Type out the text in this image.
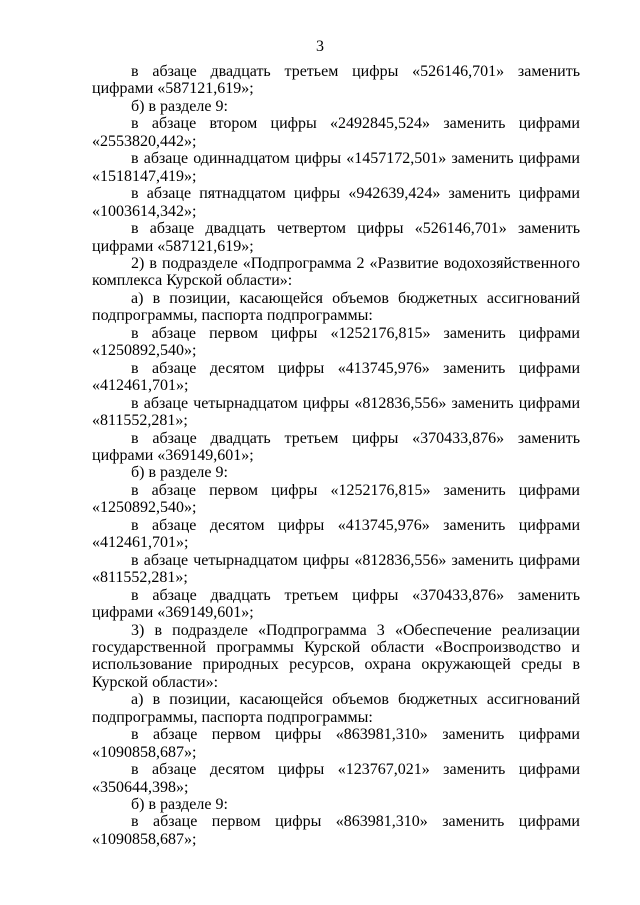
3

в абзаце двадцать третьем цифры «526146,701» заменить цифрами «587121,619»;

б) в разделе 9:

в абзаце втором цифры «2492845,524» заменить цифрами «2553820,442»;

в абзаце одиннадцатом цифры «1457172,501» заменить цифрами «1518147,419»;

в абзаце пятнадцатом цифры «942639,424» заменить цифрами «1003614,342»;

в абзаце двадцать четвертом цифры «526146,701» заменить цифрами «587121,619»;

2) в подразделе «Подпрограмма 2 «Развитие водохозяйственного комплекса Курской области»:

а) в позиции, касающейся объемов бюджетных ассигнований подпрограммы, паспорта подпрограммы:

в абзаце первом цифры «1252176,815» заменить цифрами «1250892,540»;

в абзаце десятом цифры «413745,976» заменить цифрами «412461,701»;

в абзаце четырнадцатом цифры «812836,556» заменить цифрами «811552,281»;

в абзаце двадцать третьем цифры «370433,876» заменить цифрами «369149,601»;

б) в разделе 9:

в абзаце первом цифры «1252176,815» заменить цифрами «1250892,540»;

в абзаце десятом цифры «413745,976» заменить цифрами «412461,701»;

в абзаце четырнадцатом цифры «812836,556» заменить цифрами «811552,281»;

в абзаце двадцать третьем цифры «370433,876» заменить цифрами «369149,601»;

3) в подразделе «Подпрограмма 3 «Обеспечение реализации государственной программы Курской области «Воспроизводство и использование природных ресурсов, охрана окружающей среды в Курской области»:

а) в позиции, касающейся объемов бюджетных ассигнований подпрограммы, паспорта подпрограммы:

в абзаце первом цифры «863981,310» заменить цифрами «1090858,687»;

в абзаце десятом цифры «123767,021» заменить цифрами «350644,398»;

б) в разделе 9:

в абзаце первом цифры «863981,310» заменить цифрами «1090858,687»;
